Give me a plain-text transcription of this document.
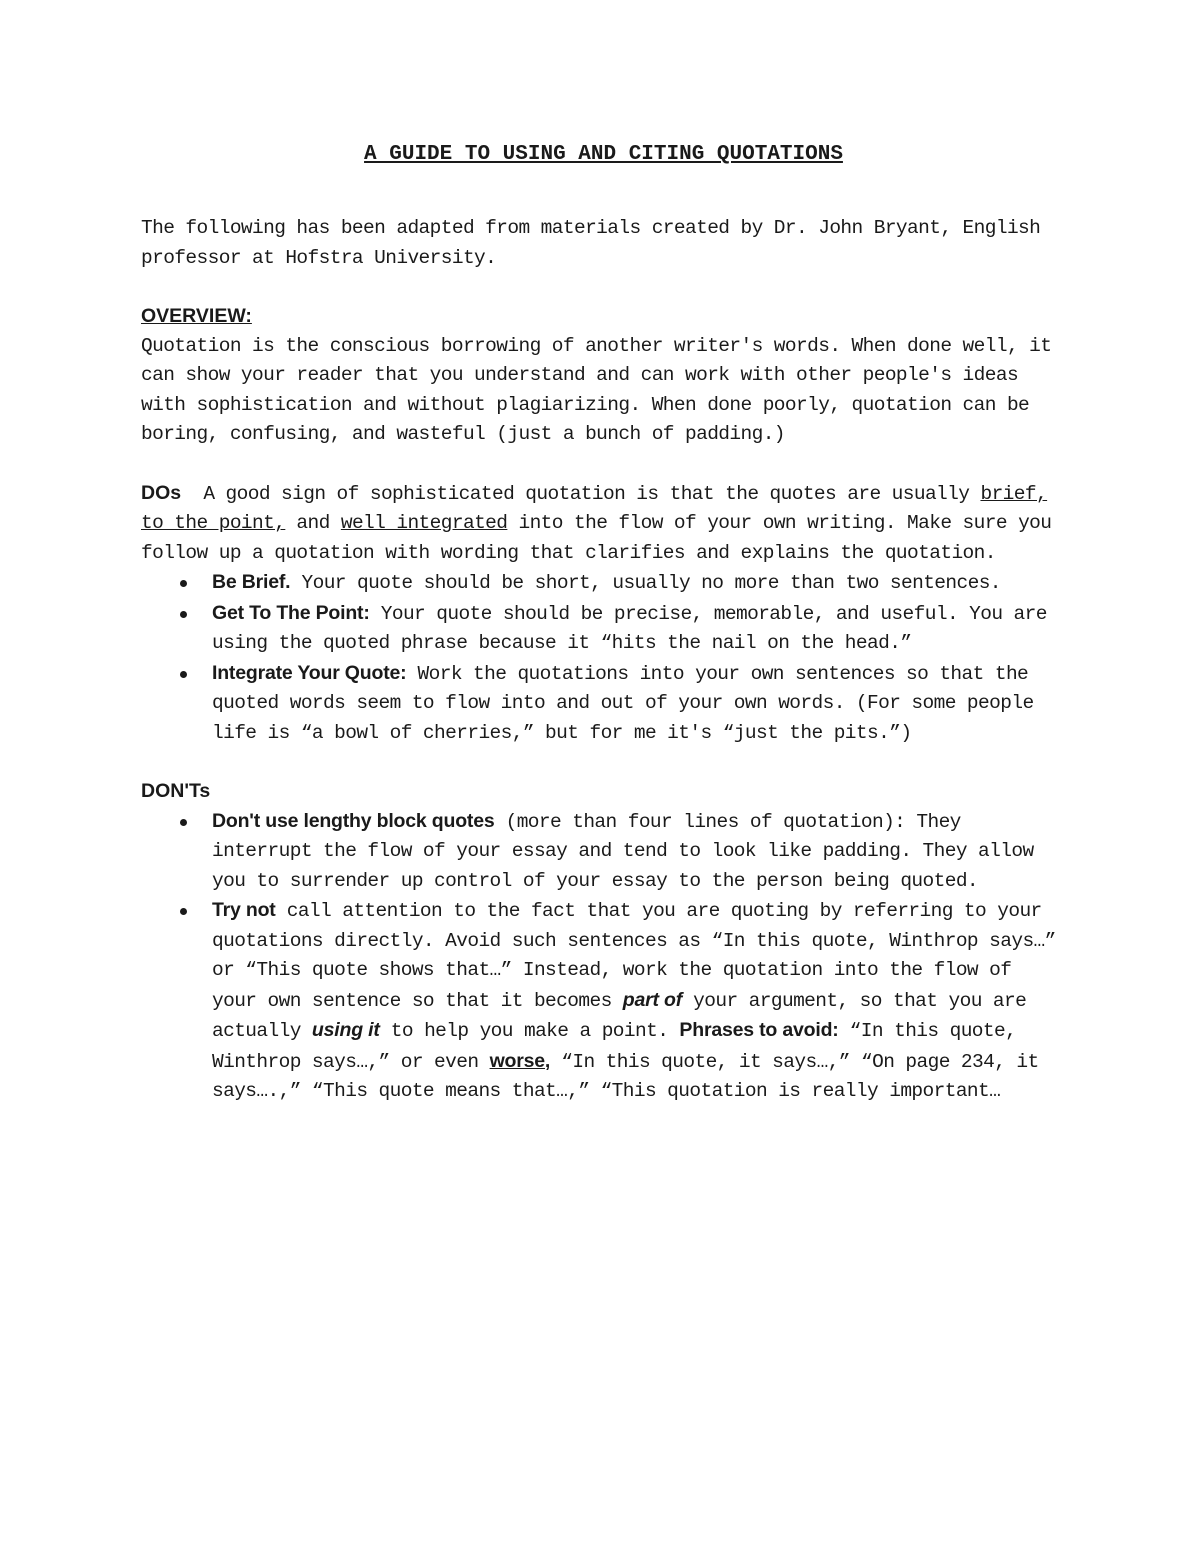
A GUIDE TO USING AND CITING QUOTATIONS

The following has been adapted from materials created by Dr. John Bryant, English professor at Hofstra University.

OVERVIEW:

Quotation is the conscious borrowing of another writer's words. When done well, it can show your reader that you understand and can work with other people's ideas with sophistication and without plagiarizing. When done poorly, quotation can be boring, confusing, and wasteful (just a bunch of padding.)

DOs A good sign of sophisticated quotation is that the quotes are usually brief, to the point, and well integrated into the flow of your own writing. Make sure you follow up a quotation with wording that clarifies and explains the quotation.

Be Brief. Your quote should be short, usually no more than two sentences.
Get To The Point: Your quote should be precise, memorable, and useful. You are using the quoted phrase because it “hits the nail on the head.”
Integrate Your Quote: Work the quotations into your own sentences so that the quoted words seem to flow into and out of your own words. (For some people life is “a bowl of cherries,” but for me it's “just the pits.”)
DON'Ts
Don't use lengthy block quotes (more than four lines of quotation): They interrupt the flow of your essay and tend to look like padding. They allow you to surrender up control of your essay to the person being quoted.
Try not call attention to the fact that you are quoting by referring to your quotations directly. Avoid such sentences as “In this quote, Winthrop says…” or “This quote shows that…” Instead, work the quotation into the flow of your own sentence so that it becomes part of your argument, so that you are actually using it to help you make a point. Phrases to avoid: “In this quote, Winthrop says…,” or even worse, “In this quote, it says…,” “On page 234, it says….,” “This quote means that…,” “This quotation is really important…
